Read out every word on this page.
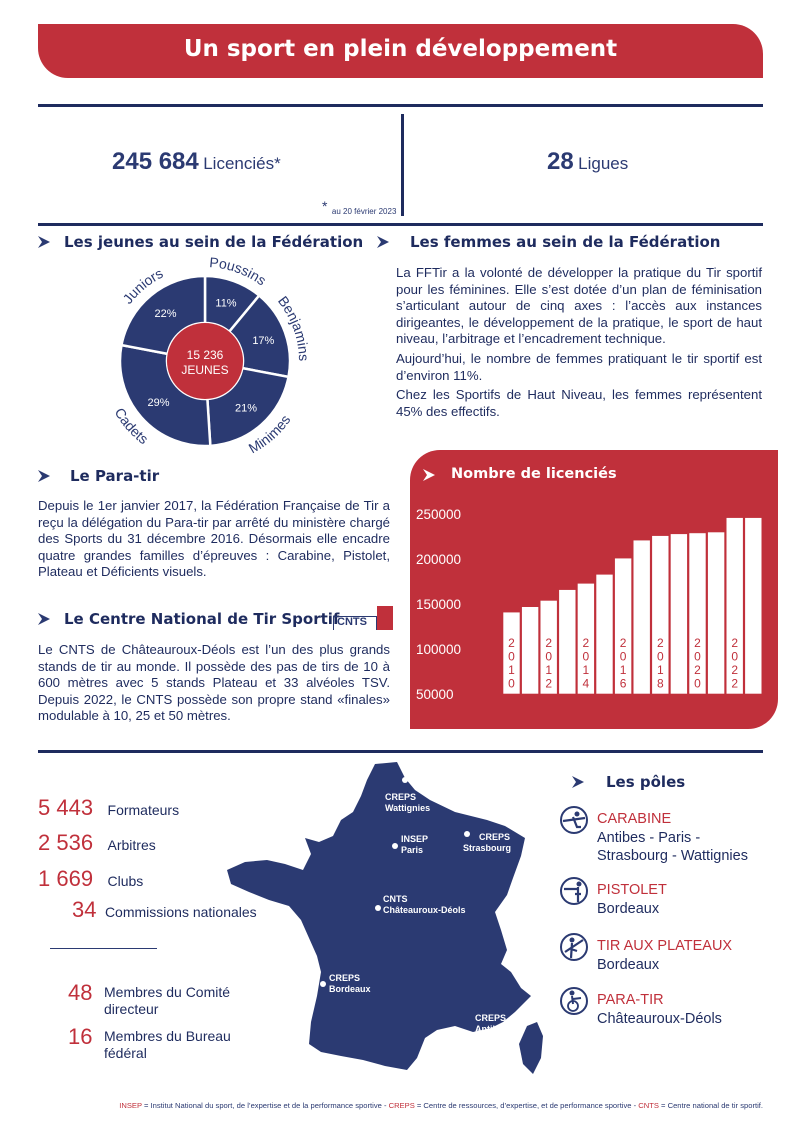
Un sport en plein développement
245 684 Licenciés*
* au 20 février 2023
28 Ligues
Les jeunes au sein de la Fédération
11%
Poussins
17%
Benjamins
21%
Minimes
29%
Cadets
22%
Juniors
15 236
JEUNES
Les femmes au sein de la Fédération

La FFTir a la volonté de développer la pratique du Tir sportif pour les féminines. Elle s’est dotée d’un plan de féminisation s’articulant autour de cinq axes : l’accès aux instances dirigeantes, le développement de la pratique, le sport de haut niveau, l’arbitrage et l’encadrement technique.

Aujourd’hui, le nombre de femmes pratiquant le tir sportif est d’environ 11%.

Chez les Sportifs de Haut Niveau, les femmes représentent 45% des effectifs.

Le Para-tir
Depuis le 1er janvier 2017, la Fédération Française de Tir a reçu la délégation du Para-tir par arrêté du ministère chargé des Sports du 31 décembre 2016. Désormais elle encadre quatre grandes familles d’épreuves : Carabine, Pistolet, Plateau et Déficients visuels.
Le Centre National de Tir Sportif
CNTS
Le CNTS de Châteauroux-Déols est l’un des plus grands stands de tir au monde. Il possède des pas de tirs de 10 à 600 mètres avec 5 stands Plateau et 33 alvéoles TSV. Depuis 2022, le CNTS possède son propre stand «finales» modulable à 10, 25 et 50 mètres.
Nombre de licenciés
250000
200000
150000
100000
50000
2 0 1 0
2 0 1 2
2 0 1 4
2 0 1 6
2 0 1 8
2 0 2 0
2 0 2 2
5 443 Formateurs
2 536 Arbitres
1 669 Clubs
34 Commissions nationales
48 Membres du Comité directeur
16 Membres du Bureau fédéral
CREPS
Wattignies
INSEP
Paris
CREPS
Strasbourg
CNTS
Châteauroux-Déols
CREPS
Bordeaux
CREPS
Antibes
Les pôles
CARABINE
Antibes - Paris - Strasbourg - Wattignies
PISTOLET
Bordeaux
TIR AUX PLATEAUX
Bordeaux
PARA-TIR
Châteauroux-Déols
INSEP = Institut National du sport, de l’expertise et de la performance sportive - CREPS = Centre de ressources, d’expertise, et de performance sportive - CNTS = Centre national de tir sportif.
